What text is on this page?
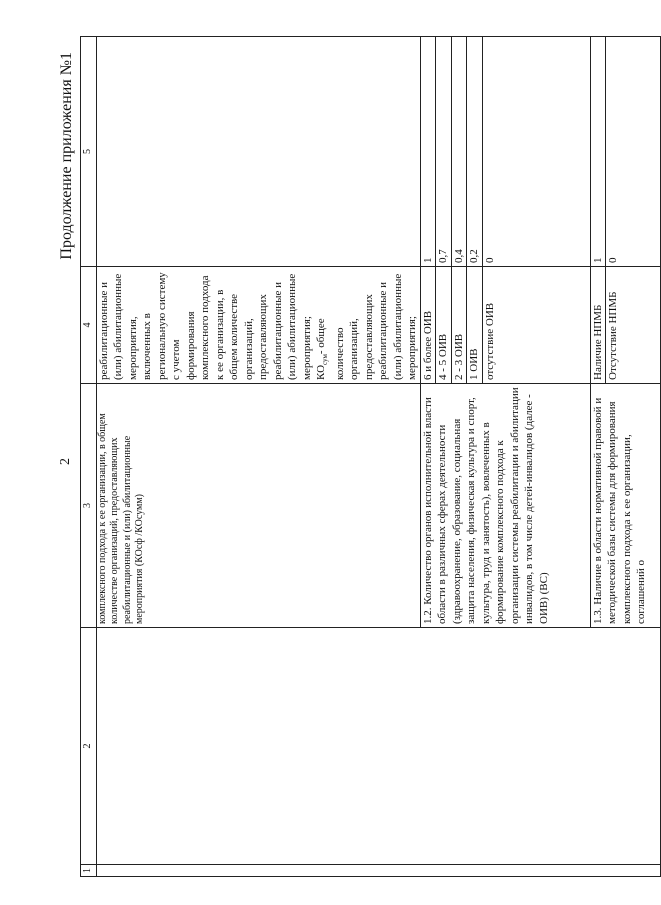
2
Продолжение приложения №1
1	2	3	4	5
		комплексного подхода к ее организации, в общем количестве организаций, предоставляющих реабилитационные и (или) абилитационные мероприятия (КОсф /КОсумм)	реабилитационные и (или) абилитационные мероприятия, включенных в региональную систему с учетом формирования комплексного подхода к ее организации, в общем количестве организаций, предоставляющих реабилитационные и (или) абилитационные мероприятия; $КО_{сум}-$ общее количество организаций, предоставляющих реабилитационные и (или) абилитационные мероприятия;	
		1.2. Количество органов исполнительной власти области в различных сферах деятельности (здравоохранение, образование, социальная защита населения, физическая культура и спорт, культура, труд и занятость), вовлеченных в формирование комплексного подхода к организации системы реабилитации и абилитации инвалидов, в том числе детей-инвалидов (далее - ОИВ) (ВС)	6 и более ОИВ	1
			4 - 5 ОИВ	0,7
			2 - 3 ОИВ	0,4
			1 ОИВ	0,2
			отсутствие ОИВ	0
		1.3. Наличие в области нормативной правовой и методической базы системы для формирования комплексного подхода к ее организации, соглашений о	Наличие НПМБ	1
			Отсутствие НПМБ	0
